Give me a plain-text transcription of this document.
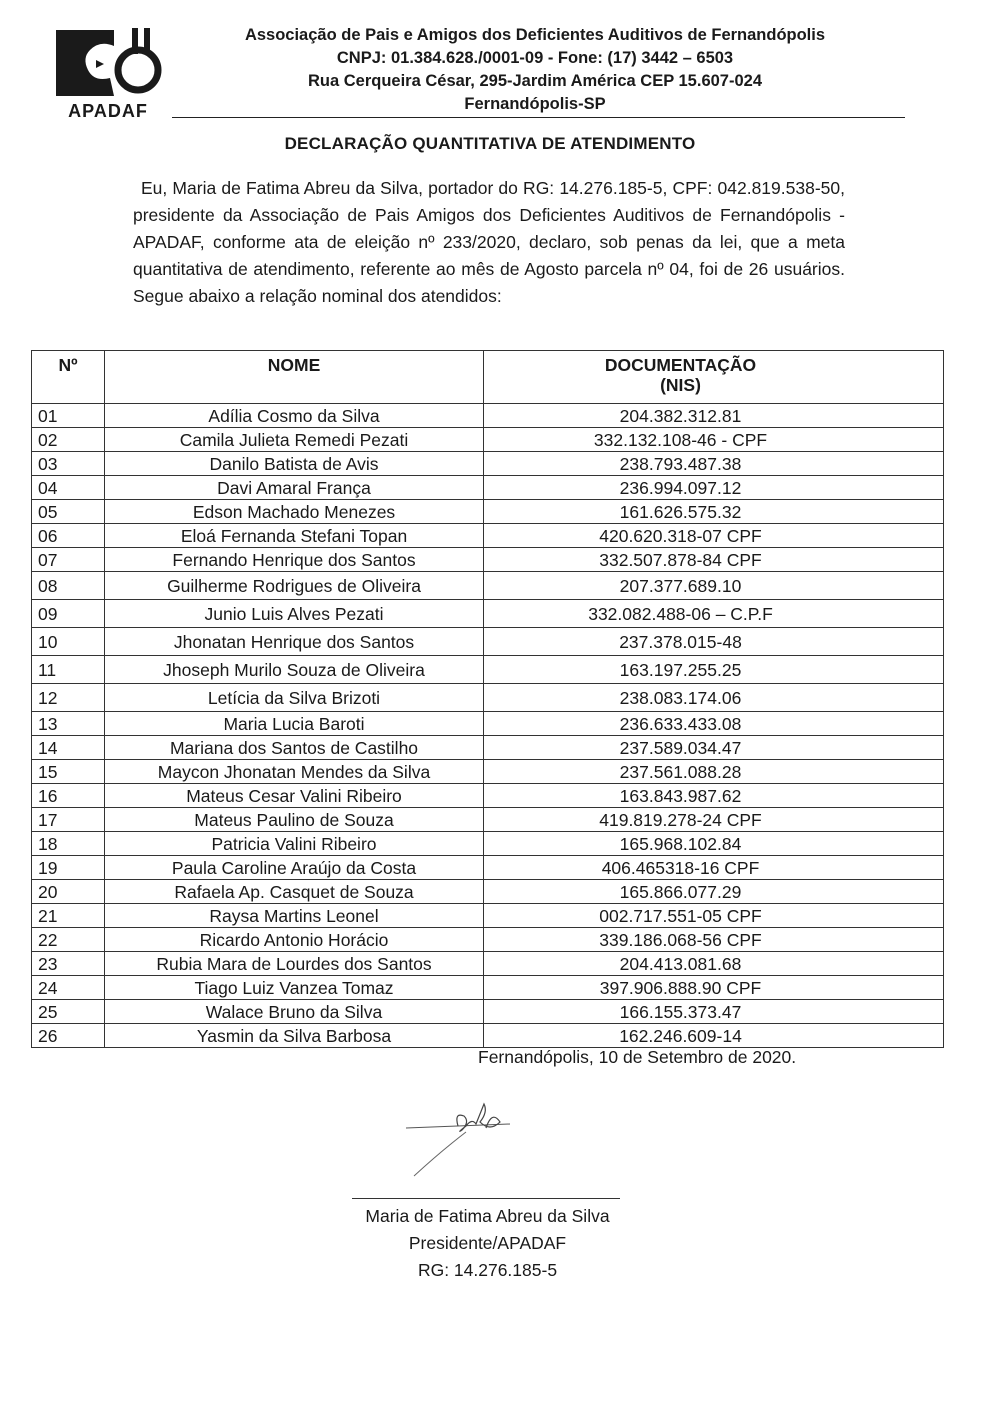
APADAF
Associação de Pais e Amigos dos Deficientes Auditivos de Fernandópolis
CNPJ: 01.384.628./0001-09 - Fone: (17) 3442 – 6503
Rua Cerqueira César, 295-Jardim América CEP 15.607-024
Fernandópolis-SP
DECLARAÇÃO QUANTITATIVA DE ATENDIMENTO
Eu, Maria de Fatima Abreu da Silva, portador do RG: 14.276.185-5, CPF: 042.819.538-50, presidente da Associação de Pais Amigos dos Deficientes Auditivos de Fernandópolis - APADAF, conforme ata de eleição nº 233/2020, declaro, sob penas da lei, que a meta quantitativa de atendimento, referente ao mês de Agosto parcela nº 04, foi de 26 usuários. Segue abaixo a relação nominal dos atendidos:
Nº	NOME	DOCUMENTAÇÃO
(NIS)

01	Adília Cosmo da Silva	204.382.312.81
02	Camila Julieta Remedi Pezati	332.132.108-46 - CPF
03	Danilo Batista de Avis	238.793.487.38
04	Davi Amaral França	236.994.097.12
05	Edson Machado Menezes	161.626.575.32
06	Eloá Fernanda Stefani Topan	420.620.318-07 CPF
07	Fernando Henrique dos Santos	332.507.878-84 CPF
08	Guilherme Rodrigues de Oliveira	207.377.689.10
09	Junio Luis Alves Pezati	332.082.488-06 – C.P.F
10	Jhonatan Henrique dos Santos	237.378.015-48
11	Jhoseph Murilo Souza de Oliveira	163.197.255.25
12	Letícia da Silva Brizoti	238.083.174.06
13	Maria Lucia Baroti	236.633.433.08
14	Mariana dos Santos de Castilho	237.589.034.47
15	Maycon Jhonatan Mendes da Silva	237.561.088.28
16	Mateus Cesar Valini Ribeiro	163.843.987.62
17	Mateus Paulino de Souza	419.819.278-24 CPF
18	Patricia Valini Ribeiro	165.968.102.84
19	Paula Caroline Araújo da Costa	406.465318-16 CPF
20	Rafaela Ap. Casquet de Souza	165.866.077.29
21	Raysa Martins Leonel	002.717.551-05 CPF
22	Ricardo Antonio Horácio	339.186.068-56 CPF
23	Rubia Mara de Lourdes dos Santos	204.413.081.68
24	Tiago Luiz Vanzea Tomaz	397.906.888.90 CPF
25	Walace Bruno da Silva	166.155.373.47
26	Yasmin da Silva Barbosa	162.246.609-14
Fernandópolis, 10 de Setembro de 2020.
Maria de Fatima Abreu da Silva
Presidente/APADAF
RG: 14.276.185-5
